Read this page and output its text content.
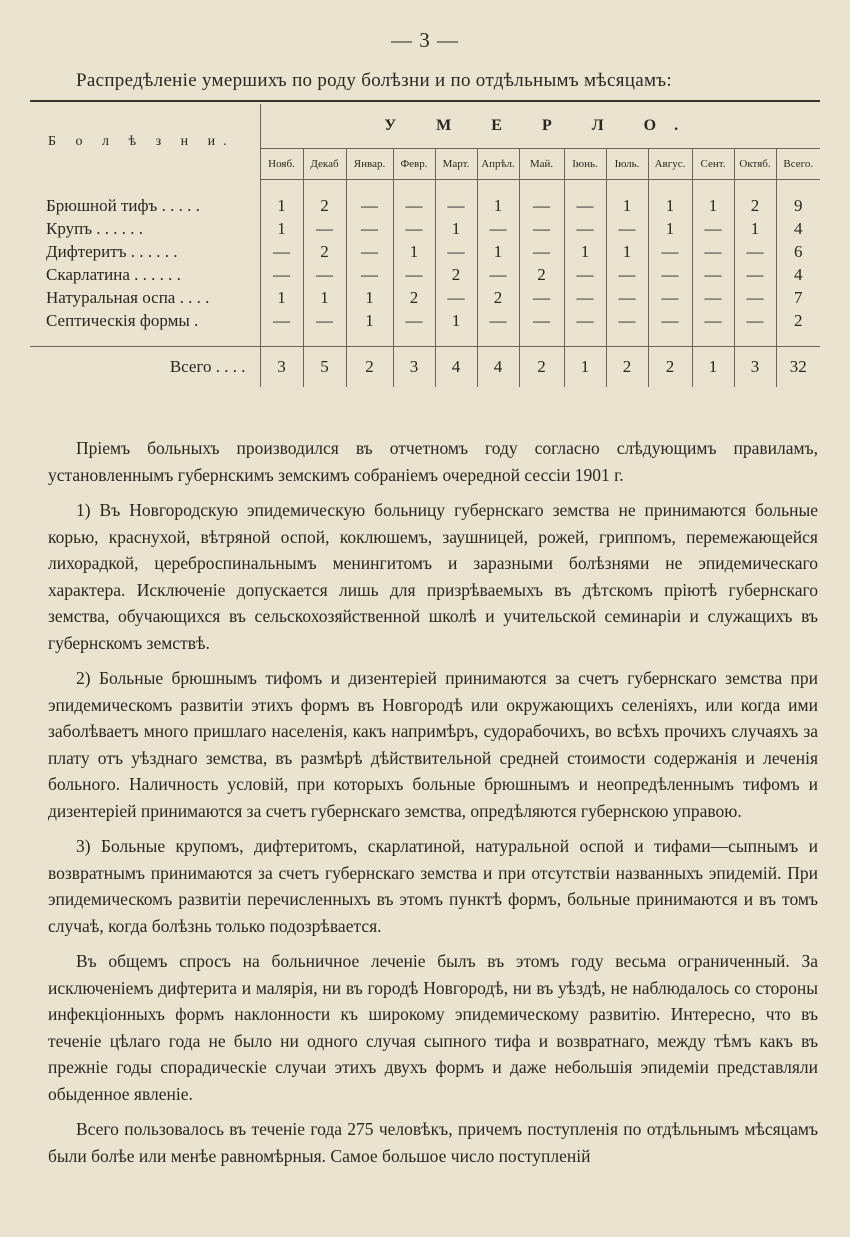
— 3 —
Распредѣленіе умершихъ по роду болѣзни и по отдѣльнымъ мѣсяцамъ:

Б о л ѣ з н и.	У М Е Р Л О.												
	Нояб.	Декаб	Январ.	Февр.	Март.	Апрѣл.	Май.	Іюнь.	Іюль.	Авгус.	Сент.	Октяб.	Всего.

Брюшной тифъ . . . . .	1	2	—	—	—	1	—	—	1	1	1	2	9
Крупъ . . . . . .	1	—	—	—	1	—	—	—	—	1	—	1	4
Дифтеритъ . . . . . .	—	2	—	1	—	1	—	1	1	—	—	—	6
Скарлатина . . . . . .	—	—	—	—	2	—	2	—	—	—	—	—	4
Натуральная оспа . . . .	1	1	1	2	—	2	—	—	—	—	—	—	7
Септическія формы .	—	—	1	—	1	—	—	—	—	—	—	—	2

Всего . . . .	3	5	2	3	4	4	2	1	2	2	1	3	32

Пріемъ больныхъ производился въ отчетномъ году согласно слѣдующимъ правиламъ, установленнымъ губернскимъ земскимъ собраніемъ очередной сессіи 1901 г.

1) Въ Новгородскую эпидемическую больницу губернскаго земства не принимаются больные корью, краснухой, вѣтряной оспой, коклюшемъ, заушницей, рожей, гриппомъ, перемежающейся лихорадкой, цереброспинальнымъ менингитомъ и заразными болѣзнями не эпидемическаго характера. Исключеніе допускается лишь для призрѣваемыхъ въ дѣтскомъ пріютѣ губернскаго земства, обучающихся въ сельскохозяйственной школѣ и учительской семинаріи и служащихъ въ губернскомъ земствѣ.

2) Больные брюшнымъ тифомъ и дизентеріей принимаются за счетъ губернскаго земства при эпидемическомъ развитіи этихъ формъ въ Новгородѣ или окружающихъ селеніяхъ, или когда ими заболѣваетъ много пришлаго населенія, какъ напримѣръ, судорабочихъ, во всѣхъ прочихъ случаяхъ за плату отъ уѣзднаго земства, въ размѣрѣ дѣйствительной средней стоимости содержанія и леченія больного. Наличность условій, при которыхъ больные брюшнымъ и неопредѣленнымъ тифомъ и дизентеріей принимаются за счетъ губернскаго земства, опредѣляются губернскою управою.

3) Больные крупомъ, дифтеритомъ, скарлатиной, натуральной оспой и тифами—сыпнымъ и возвратнымъ принимаются за счетъ губернскаго земства и при отсутствіи названныхъ эпидемій. При эпидемическомъ развитіи перечисленныхъ въ этомъ пунктѣ формъ, больные принимаются и въ томъ случаѣ, когда болѣзнь только подозрѣвается.

Въ общемъ спросъ на больничное леченіе былъ въ этомъ году весьма ограниченный. За исключеніемъ дифтерита и малярія, ни въ городѣ Новгородѣ, ни въ уѣздѣ, не наблюдалось со стороны инфекціонныхъ формъ наклонности къ широкому эпидемическому развитію. Интересно, что въ теченіе цѣлаго года не было ни одного случая сыпного тифа и возвратнаго, между тѣмъ какъ въ прежніе годы спорадическіе случаи этихъ двухъ формъ и даже небольшія эпидеміи представляли обыденное явленіе.

Всего пользовалось въ теченіе года 275 человѣкъ, причемъ поступленія по отдѣльнымъ мѣсяцамъ были болѣе или менѣе равномѣрныя. Самое большое число поступленій
